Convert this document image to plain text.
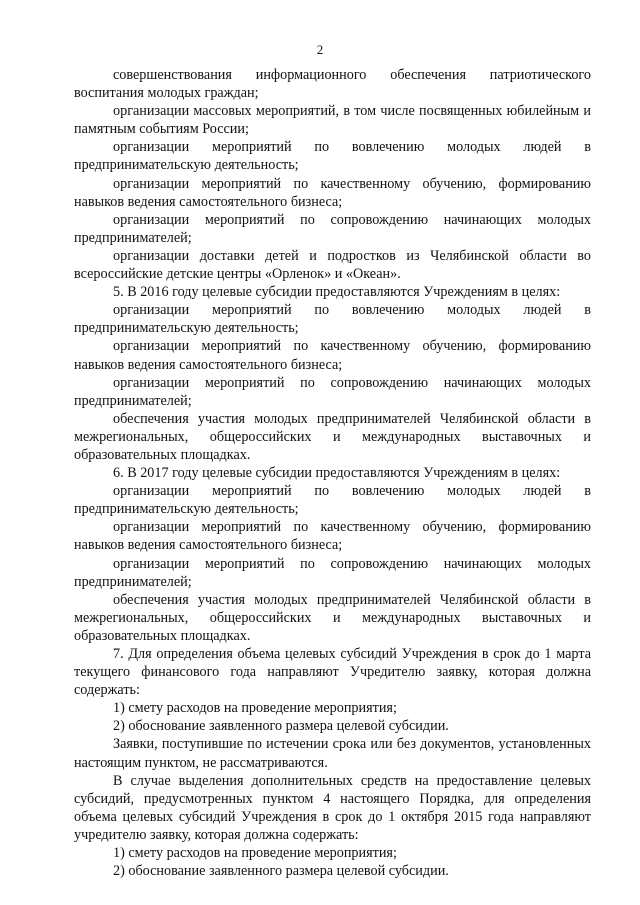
2

совершенствования информационного обеспечения патриотического воспитания молодых граждан;

организации массовых мероприятий, в том числе посвященных юбилейным и памятным событиям России;

организации мероприятий по вовлечению молодых людей в предпринимательскую деятельность;

организации мероприятий по качественному обучению, формированию навыков ведения самостоятельного бизнеса;

организации мероприятий по сопровождению начинающих молодых предпринимателей;

организации доставки детей и подростков из Челябинской области во всероссийские детские центры «Орленок» и «Океан».

5. В 2016 году целевые субсидии предоставляются Учреждениям в целях:

организации мероприятий по вовлечению молодых людей в предпринимательскую деятельность;

организации мероприятий по качественному обучению, формированию навыков ведения самостоятельного бизнеса;

организации мероприятий по сопровождению начинающих молодых предпринимателей;

обеспечения участия молодых предпринимателей Челябинской области в межрегиональных, общероссийских и международных выставочных и образовательных площадках.

6. В 2017 году целевые субсидии предоставляются Учреждениям в целях:

организации мероприятий по вовлечению молодых людей в предпринимательскую деятельность;

организации мероприятий по качественному обучению, формированию навыков ведения самостоятельного бизнеса;

организации мероприятий по сопровождению начинающих молодых предпринимателей;

обеспечения участия молодых предпринимателей Челябинской области в межрегиональных, общероссийских и международных выставочных и образовательных площадках.

7. Для определения объема целевых субсидий Учреждения в срок до 1 марта текущего финансового года направляют Учредителю заявку, которая должна содержать:

1) смету расходов на проведение мероприятия;

2) обоснование заявленного размера целевой субсидии.

Заявки, поступившие по истечении срока или без документов, установленных настоящим пунктом, не рассматриваются.

В случае выделения дополнительных средств на предоставление целевых субсидий, предусмотренных пунктом 4 настоящего Порядка, для определения объема целевых субсидий Учреждения в срок до 1 октября 2015 года направляют учредителю заявку, которая должна содержать:

1) смету расходов на проведение мероприятия;

2) обоснование заявленного размера целевой субсидии.
